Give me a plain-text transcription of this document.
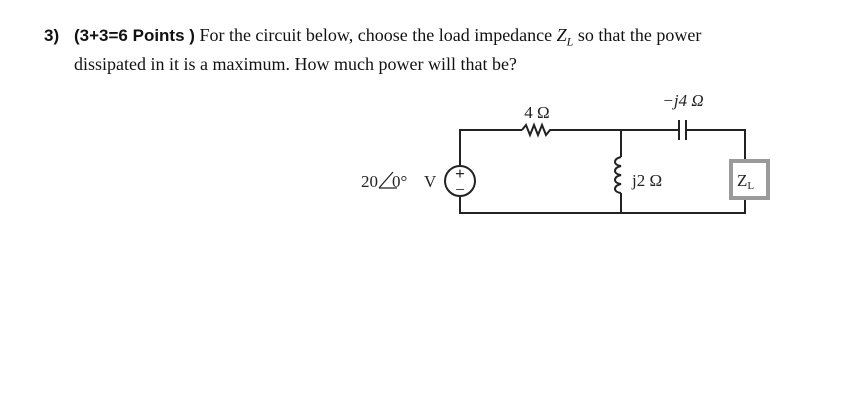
3) (3+3=6 Points ) For the circuit below, choose the load impedance $Z_L$ so that the power
dissipated in it is a maximum. How much power will that be?
+
−
20 0° V
4 Ω
−j4 Ω
j2 Ω	ZL
